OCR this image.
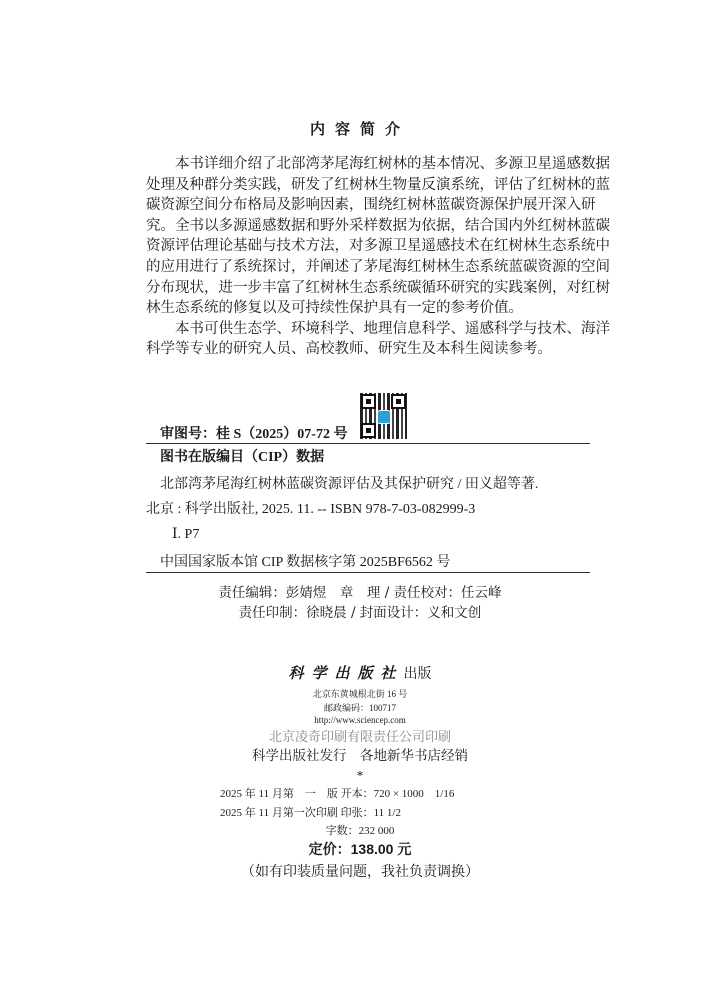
内容简介
本书详细介绍了北部湾茅尾海红树林的基本情况、多源卫星遥感数据
处理及种群分类实践，研发了红树林生物量反演系统，评估了红树林的蓝
碳资源空间分布格局及影响因素，围绕红树林蓝碳资源保护展开深入研
究。全书以多源遥感数据和野外采样数据为依据，结合国内外红树林蓝碳
资源评估理论基础与技术方法，对多源卫星遥感技术在红树林生态系统中
的应用进行了系统探讨，并阐述了茅尾海红树林生态系统蓝碳资源的空间
分布现状，进一步丰富了红树林生态系统碳循环研究的实践案例，对红树
林生态系统的修复以及可持续性保护具有一定的参考价值。
本书可供生态学、环境科学、地理信息科学、遥感科学与技术、海洋
科学等专业的研究人员、高校教师、研究生及本科生阅读参考。
审图号：桂 S（2025）07-72 号
图书在版编目（CIP）数据
北部湾茅尾海红树林蓝碳资源评估及其保护研究 / 田义超等著.
北京 : 科学出版社, 2025. 11. -- ISBN 978-7-03-082999-3
Ⅰ. P7
中国国家版本馆 CIP 数据核字第 2025BF6562 号
责任编辑：彭婧煜　章　理 / 责任校对：任云峰
责任印制：徐晓晨 / 封面设计：义和文创
科学出版社出版
北京东黄城根北街 16 号
邮政编码：100717
http://www.sciencep.com
北京凌奇印刷有限责任公司印刷
科学出版社发行　各地新华书店经销
*
2025 年 11 月第　一　版 开本：720 × 1000　1/16
2025 年 11 月第一次印刷 印张：11 1/2
字数：232 000
定价：138.00 元
（如有印装质量问题，我社负责调换）
